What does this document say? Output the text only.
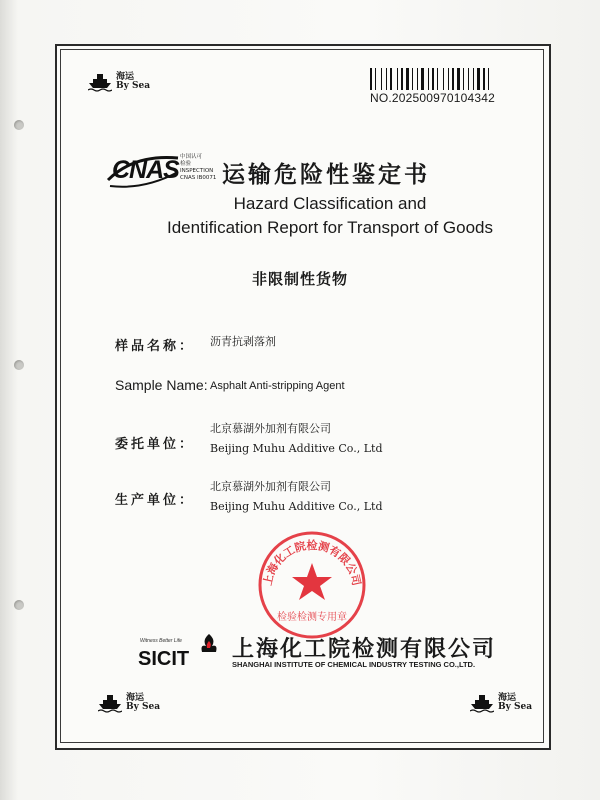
海运
By Sea
海运
By Sea
海运
By Sea
NO.202500970104342
CNAS 中国认可
检验
INSPECTION
CNAS IB0071 运输危险性鉴定书
Hazard Classification and
Identification Report for Transport of Goods
非限制性货物
样品名称： 沥青抗剥落剂
Sample Name: Asphalt Anti-stripping Agent
委托单位：
北京慕湖外加剂有限公司
Beijing Muhu Additive Co., Ltd
生产单位：
北京慕湖外加剂有限公司
Beijing Muhu Additive Co., Ltd
上海化工院检测有限公司
检验检测专用章
Witness Better Life
SICIT 上海化工院检测有限公司
SHANGHAI INSTITUTE OF CHEMICAL INDUSTRY TESTING CO.,LTD.
